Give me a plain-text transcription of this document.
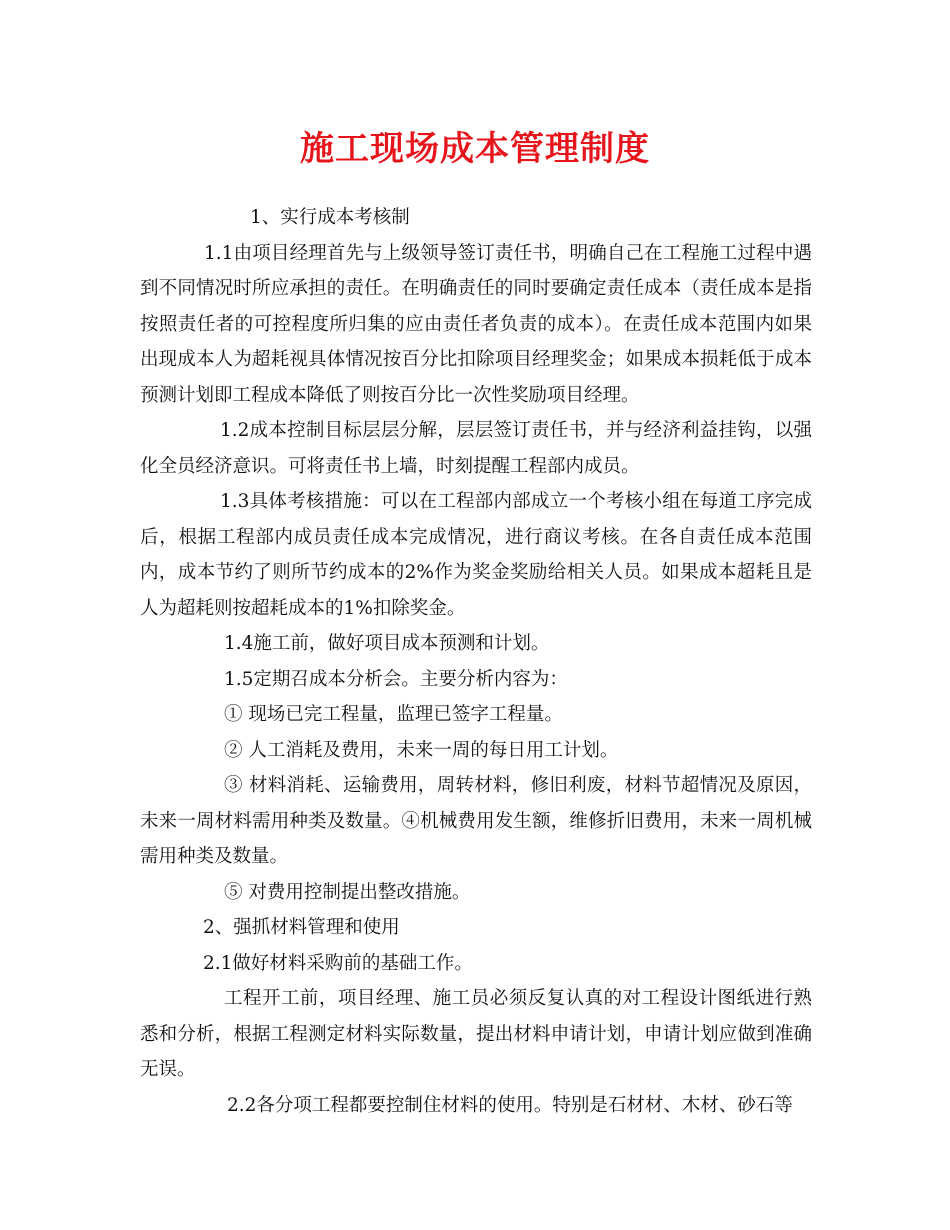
施工现场成本管理制度

1、实行成本考核制

1.1由项目经理首先与上级领导签订责任书，明确自己在工程施工过程中遇到不同情况时所应承担的责任。在明确责任的同时要确定责任成本（责任成本是指按照责任者的可控程度所归集的应由责任者负责的成本）。在责任成本范围内如果出现成本人为超耗视具体情况按百分比扣除项目经理奖金；如果成本损耗低于成本预测计划即工程成本降低了则按百分比一次性奖励项目经理。

1.2成本控制目标层层分解，层层签订责任书，并与经济利益挂钩，以强化全员经济意识。可将责任书上墙，时刻提醒工程部内成员。

1.3具体考核措施：可以在工程部内部成立一个考核小组在每道工序完成后，根据工程部内成员责任成本完成情况，进行商议考核。在各自责任成本范围内，成本节约了则所节约成本的2%作为奖金奖励给相关人员。如果成本超耗且是人为超耗则按超耗成本的1%扣除奖金。

1.4施工前，做好项目成本预测和计划。

1.5定期召成本分析会。主要分析内容为：

① 现场已完工程量，监理已签字工程量。

② 人工消耗及费用，未来一周的每日用工计划。

③ 材料消耗、运输费用，周转材料，修旧利废，材料节超情况及原因，未来一周材料需用种类及数量。④机械费用发生额，维修折旧费用，未来一周机械需用种类及数量。

⑤ 对费用控制提出整改措施。

2、强抓材料管理和使用

2.1做好材料采购前的基础工作。

工程开工前，项目经理、施工员必须反复认真的对工程设计图纸进行熟悉和分析，根据工程测定材料实际数量，提出材料申请计划，申请计划应做到准确无误。

2.2各分项工程都要控制住材料的使用。特别是石材材、木材、砂石等
